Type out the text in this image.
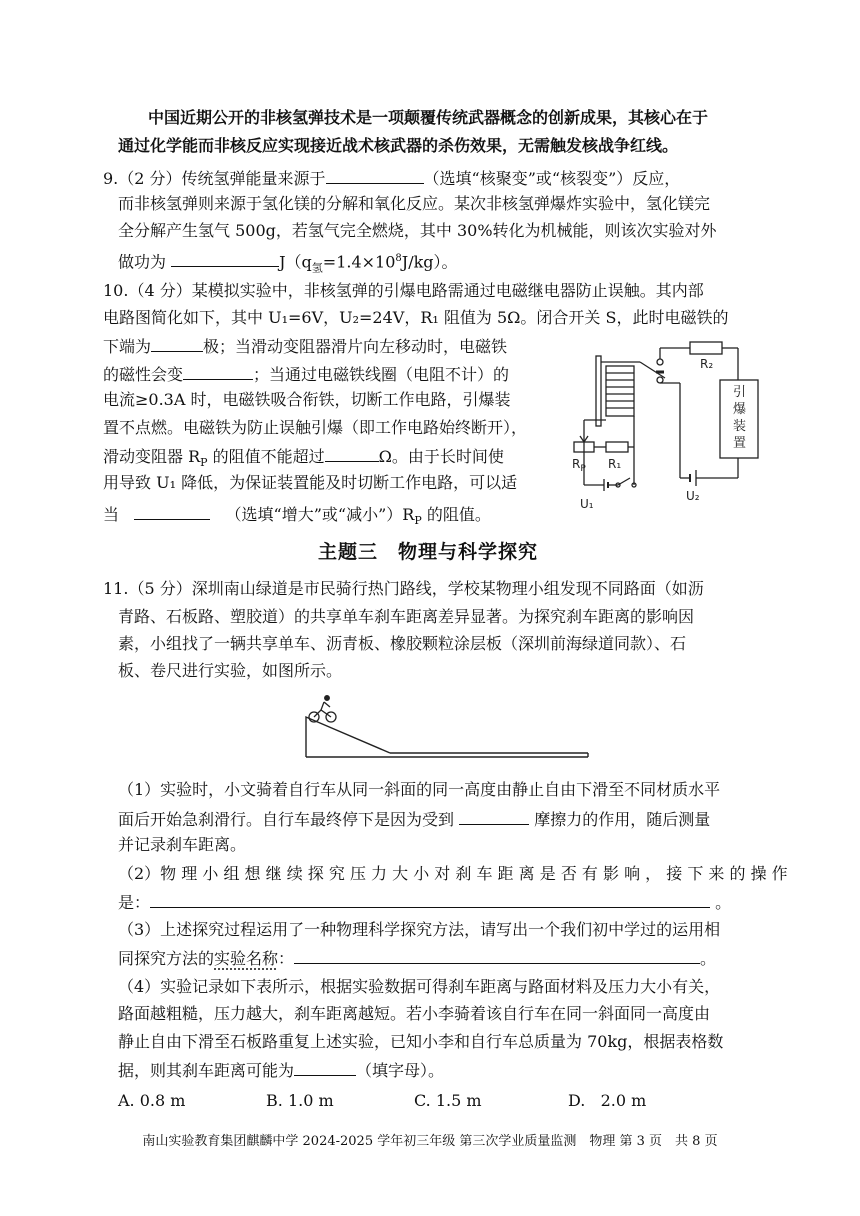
中国近期公开的非核氢弹技术是一项颠覆传统武器概念的创新成果，其核心在于
通过化学能而非核反应实现接近战术核武器的杀伤效果，无需触发核战争红线。
9.（2 分）传统氢弹能量来源于	（选填“核聚变”或“核裂变”）反应，
而非核氢弹则来源于氢化镁的分解和氧化反应。某次非核氢弹爆炸实验中，氢化镁完
全分解产生氢气 500g，若氢气完全燃烧，其中 30%转化为机械能，则该次实验对外
做功为	$J(q_氢=1.4\times 10^8J/kg)$。
10.（4 分）某模拟实验中，非核氢弹的引爆电路需通过电磁继电器防止误触。其内部
电路图简化如下，其中 U₁=6V，U₂=24V，R₁ 阻值为 5Ω。闭合开关 S，此时电磁铁的
下端为	极；当滑动变阻器滑片向左移动时，电磁铁
的磁性会变	；当通过电磁铁线圈（电阻不计）的
电流≥0.3A 时，电磁铁吸合衔铁，切断工作电路，引爆装
置不点燃。电磁铁为防止误触引爆（即工作电路始终断开），
滑动变阻器 $R_P$ 的阻值不能超过	Ω。由于长时间使
用导致 U₁ 降低，为保证装置能及时切断工作电路，可以适
当	（选填“增大”或“减小$”)R_P$ 的阻值。
R₂
引
爆
装
置
$R_P$ R₁
U₁
U₂
主题三　物理与科学探究
11.（5 分）深圳南山绿道是市民骑行热门路线，学校某物理小组发现不同路面（如沥
青路、石板路、塑胶道）的共享单车刹车距离差异显著。为探究刹车距离的影响因
素，小组找了一辆共享单车、沥青板、橡胶颗粒涂层板（深圳前海绿道同款）、石
板、卷尺进行实验，如图所示。
（1）实验时，小文骑着自行车从同一斜面的同一高度由静止自由下滑至不同材质水平
面后开始急刹滑行。自行车最终停下是因为受到	摩擦力的作用，随后测量
并记录刹车距离。
（2）物 理 小 组 想 继 续 探 究 压 力 大 小 对 刹 车 距 离 是 否 有 影 响 ， 接 下 来 的 操 作
是：	。
（3）上述探究过程运用了一种物理科学探究方法，请写出一个我们初中学过的运用相
同探究方法的实验名称：	。
（4）实验记录如下表所示，根据实验数据可得刹车距离与路面材料及压力大小有关，
路面越粗糙，压力越大，刹车距离越短。若小李骑着该自行车在同一斜面同一高度由
静止自由下滑至石板路重复上述实验，已知小李和自行车总质量为 70kg，根据表格数
据，则其刹车距离可能为	（填字母）。
A. 0.8 m	B. 1.0 m	C. 1.5 m	D. 2.0 m
南山实验教育集团麒麟中学 2024-2025 学年初三年级 第三次学业质量监测　物理 第 3 页　共 8 页
